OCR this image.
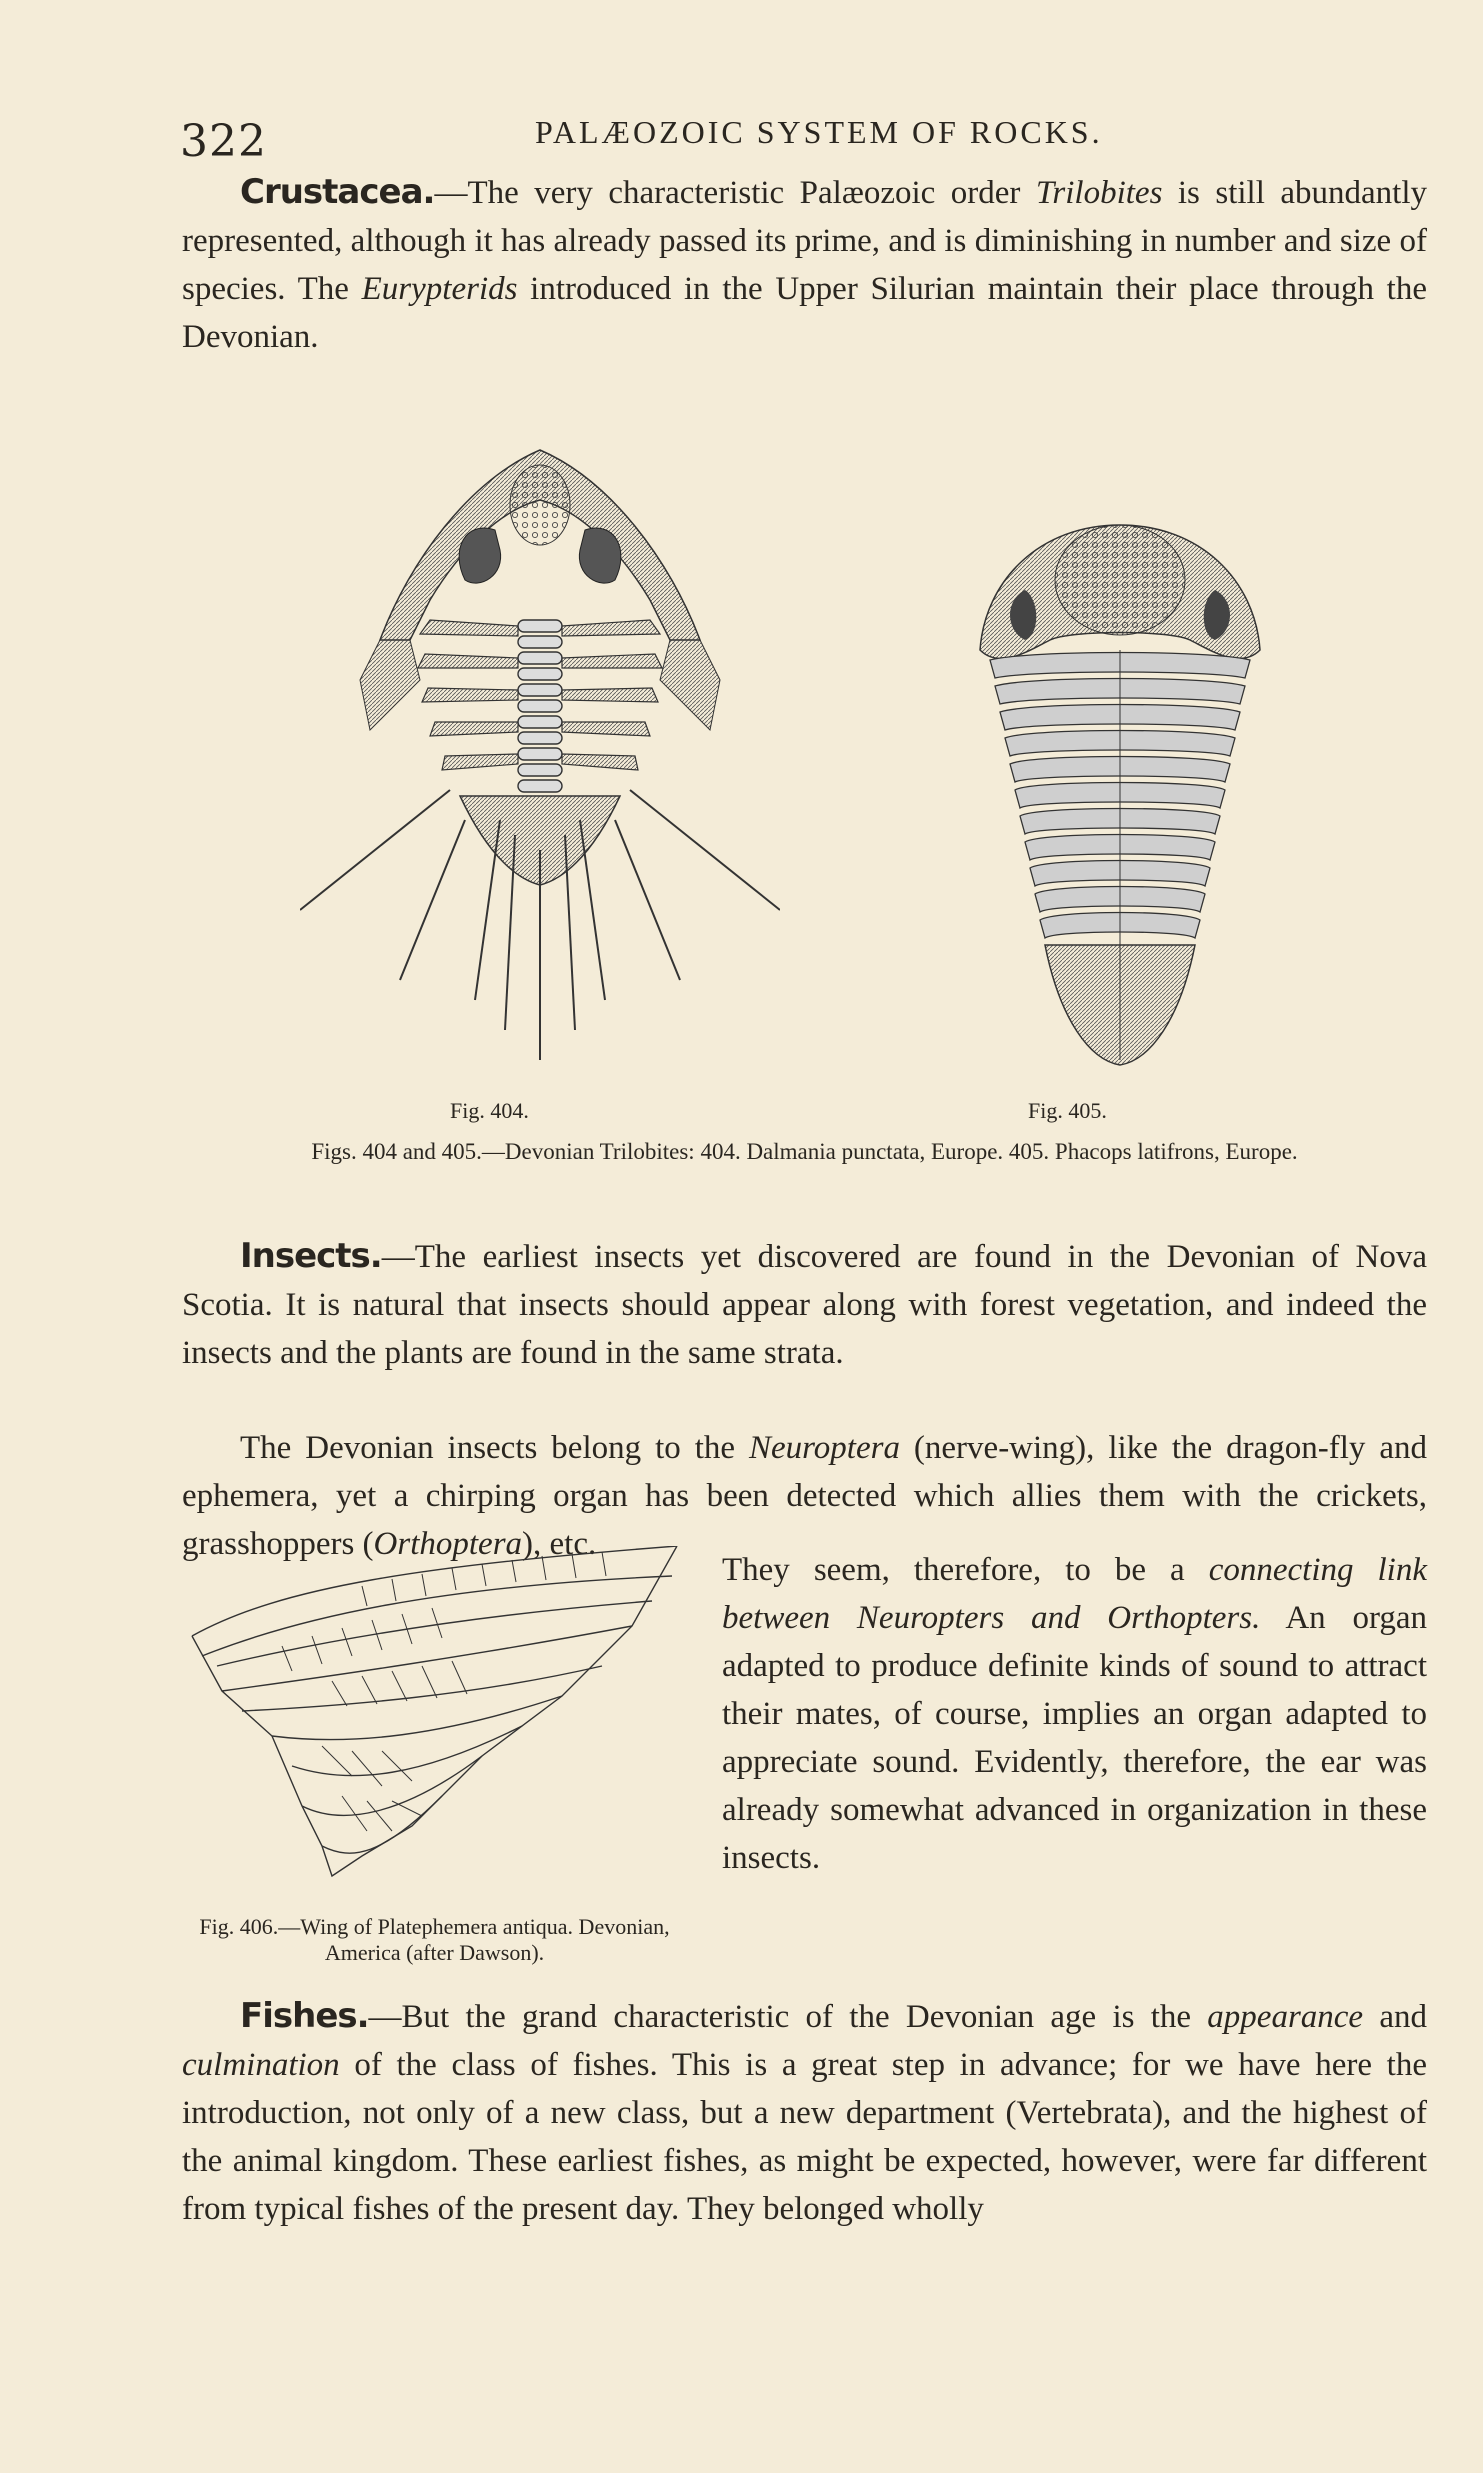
322	PALÆOZOIC SYSTEM OF ROCKS.

Crustacea.—The very characteristic Palæozoic order Trilobites is still abundantly represented, although it has already passed its prime, and is diminishing in number and size of species. The Eurypterids introduced in the Upper Silurian maintain their place through the Devonian.

Fig. 404.	Fig. 405.
Figs. 404 and 405.—Devonian Trilobites: 404. Dalmania punctata, Europe. 405. Phacops latifrons, Europe.

Insects.—The earliest insects yet discovered are found in the Devonian of Nova Scotia. It is natural that insects should appear along with forest vegetation, and indeed the insects and the plants are found in the same strata.

The Devonian insects belong to the Neuroptera (nerve-wing), like the dragon-fly and ephemera, yet a chirping organ has been detected which allies them with the crickets, grasshoppers (Orthoptera), etc.

Fig. 406.—Wing of Platephemera antiqua. Devonian, America (after Dawson).

They seem, therefore, to be a connecting link between Neuropters and Orthopters. An organ adapted to produce definite kinds of sound to attract their mates, of course, implies an organ adapted to appreciate sound. Evidently, therefore, the ear was already somewhat advanced in organization in these insects.

Fishes.—But the grand characteristic of the Devonian age is the appearance and culmination of the class of fishes. This is a great step in advance; for we have here the introduction, not only of a new class, but a new department (Vertebrata), and the highest of the animal kingdom. These earliest fishes, as might be expected, however, were far different from typical fishes of the present day. They belonged wholly
